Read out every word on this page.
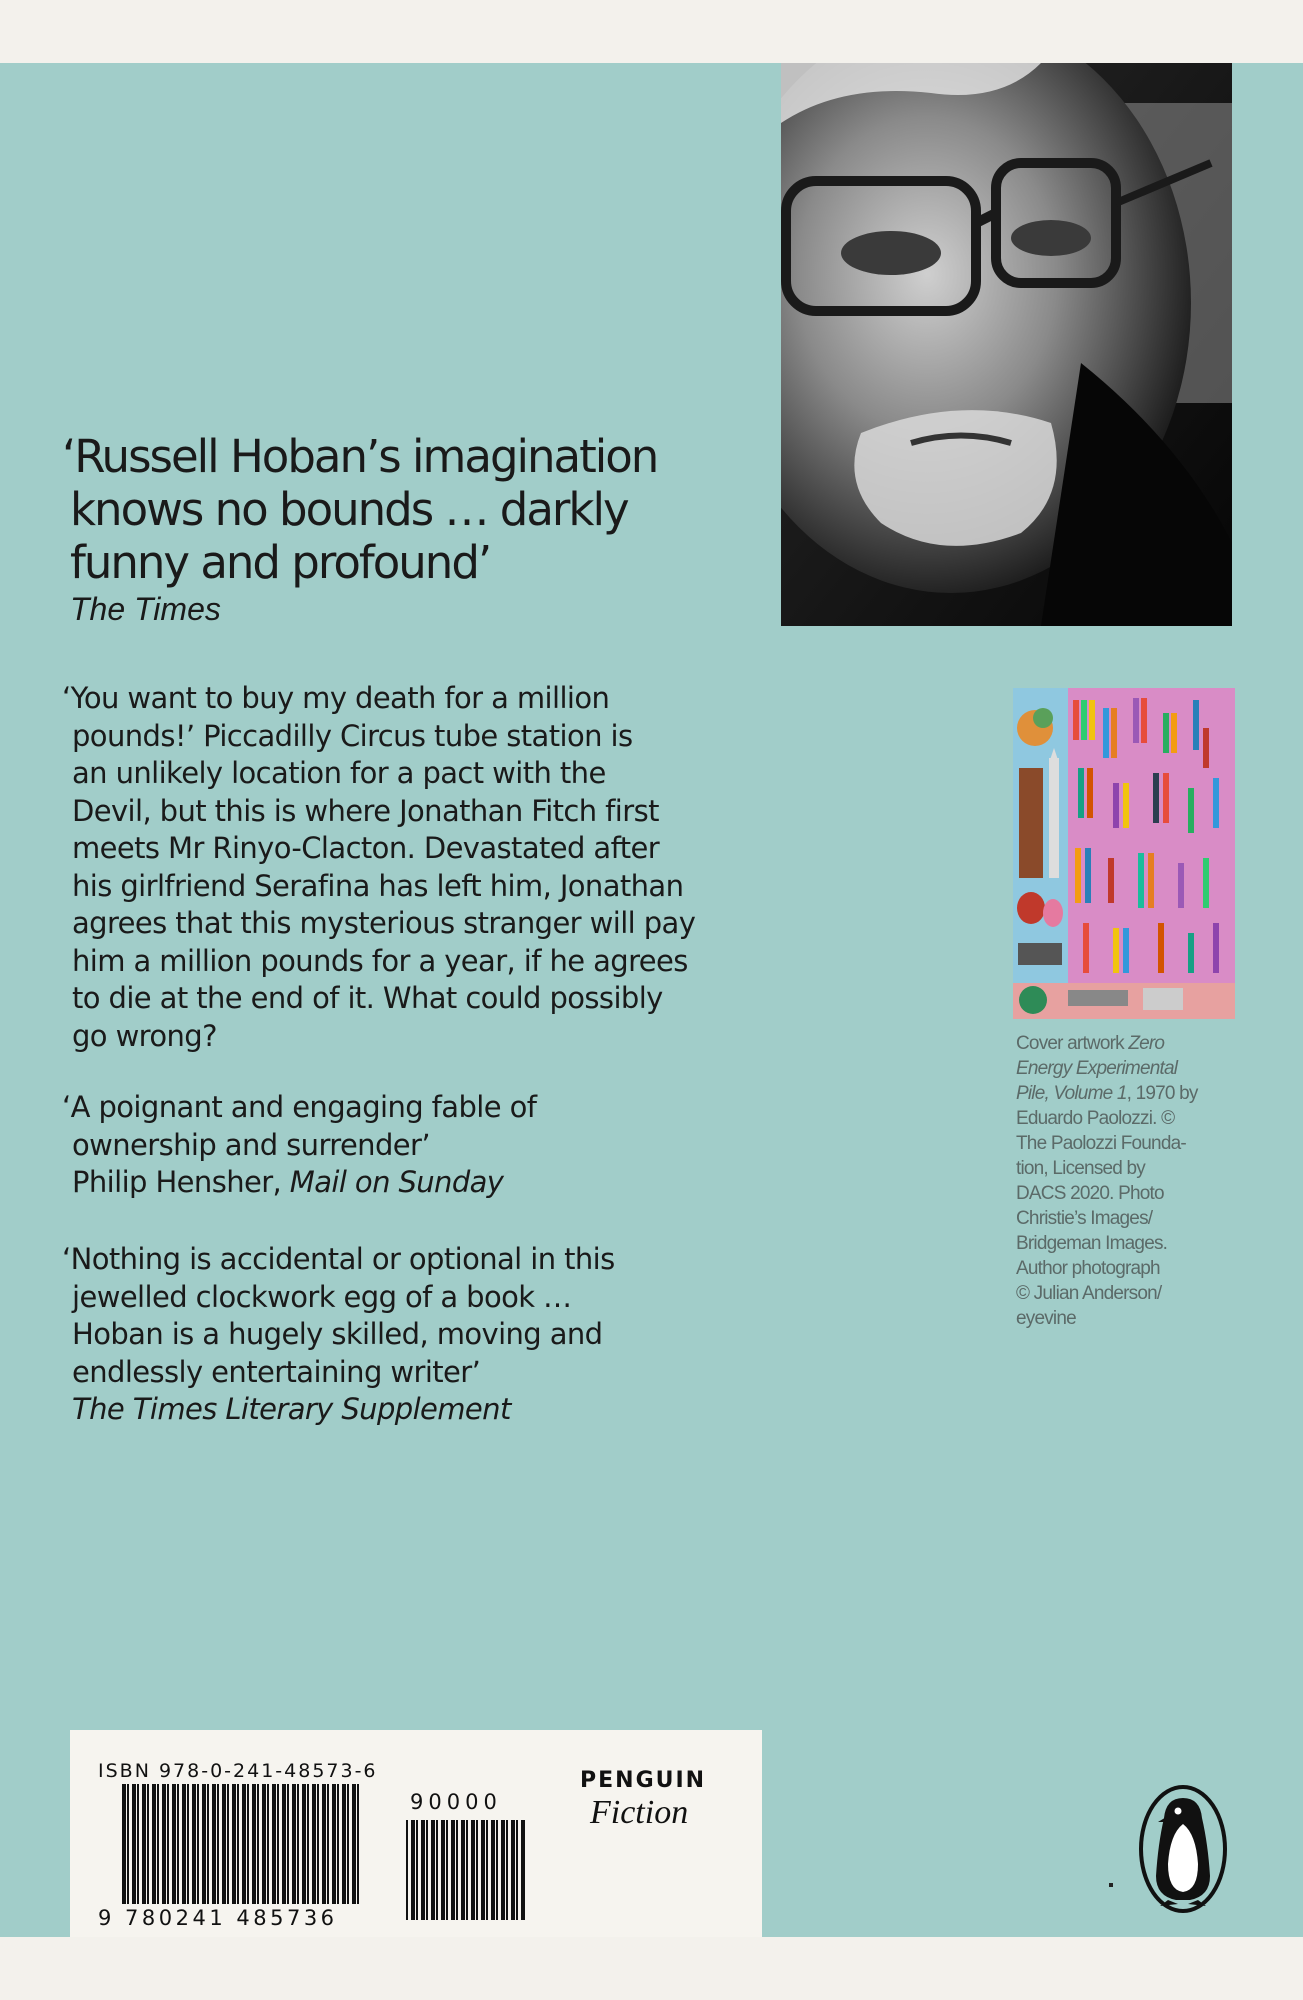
‘Russell Hoban’s imagination
knows no bounds … darkly
funny and profound’
The Times
‘You want to buy my death for a million
pounds!’ Piccadilly Circus tube station is
an unlikely location for a pact with the
Devil, but this is where Jonathan Fitch first
meets Mr Rinyo-Clacton. Devastated after
his girlfriend Serafina has left him, Jonathan
agrees that this mysterious stranger will pay
him a million pounds for a year, if he agrees
to die at the end of it. What could possibly
go wrong?
‘A poignant and engaging fable of
ownership and surrender’
Philip Hensher, Mail on Sunday
‘Nothing is accidental or optional in this
jewelled clockwork egg of a book …
Hoban is a hugely skilled, moving and
endlessly entertaining writer’
The Times Literary Supplement
Cover artwork Zero
Energy Experimental
Pile, Volume 1, 1970 by
Eduardo Paolozzi. ©
The Paolozzi Founda-
tion, Licensed by
DACS 2020. Photo
Christie’s Images/
Bridgeman Images.
Author photograph
© Julian Anderson/
eyevine
ISBN 978-0-241-48573-6
9 780241 485736
90000
PENGUIN
Fiction
